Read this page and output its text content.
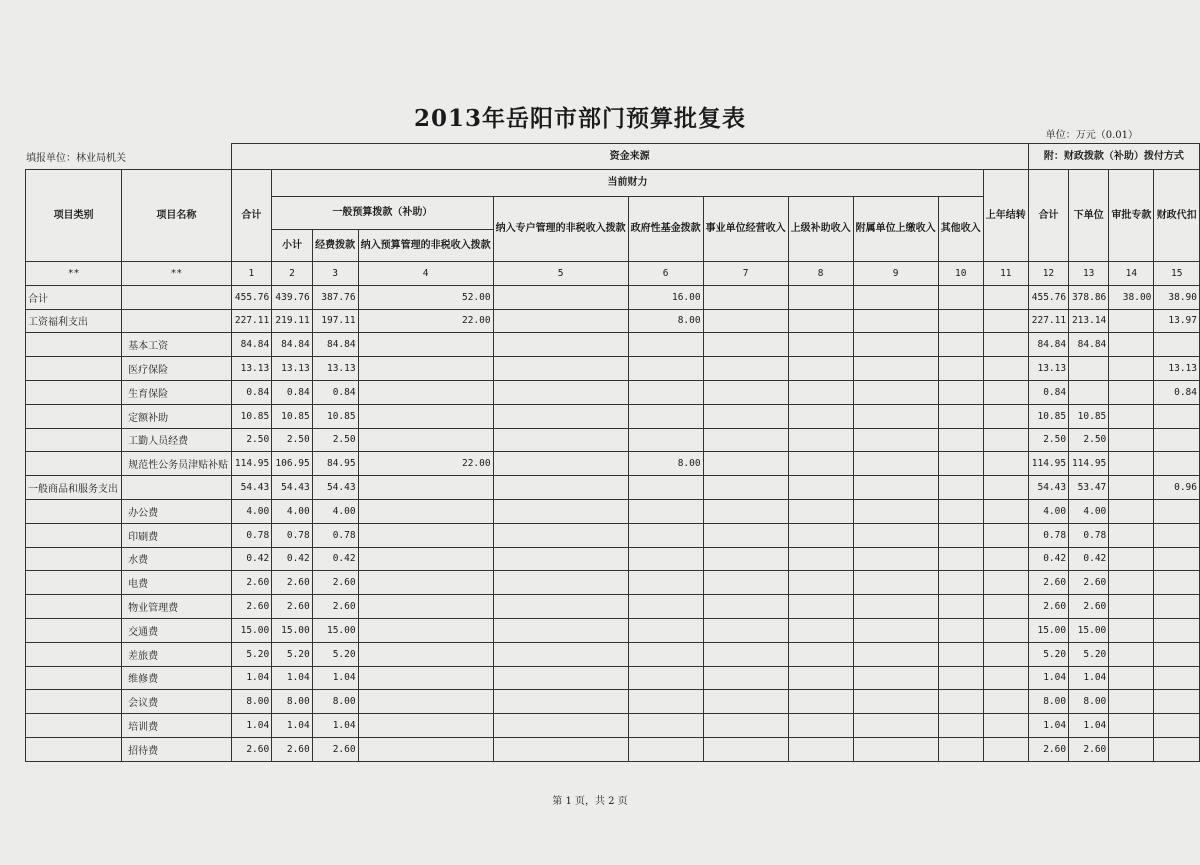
2013年岳阳市部门预算批复表
单位：万元（0.01）
填报单位：林业局机关
		资金来源											附：财政拨款（补助）拨付方式			
项目类别	项目名称	合计	当前财力									上年结转	合计	下单位	审批专款	财政代扣
			一般预算拨款（补助）			纳入专户管理的非税收入拨款	政府性基金拨款	事业单位经营收入	上级补助收入	附属单位上缴收入	其他收入					
			小计	经费拨款	纳入预算管理的非税收入拨款											

**	**	1	2	3	4	5	6	7	8	9	10	11	12	13	14	15
合计		455.76	439.76	387.76	52.00		16.00						455.76	378.86	38.00	38.90
工资福利支出		227.11	219.11	197.11	22.00		8.00						227.11	213.14		13.97
	基本工资	84.84	84.84	84.84									84.84	84.84		
	医疗保险	13.13	13.13	13.13									13.13			13.13
	生育保险	0.84	0.84	0.84									0.84			0.84
	定额补助	10.85	10.85	10.85									10.85	10.85		
	工勤人员经费	2.50	2.50	2.50									2.50	2.50		
	规范性公务员津贴补贴	114.95	106.95	84.95	22.00		8.00						114.95	114.95		
一般商品和服务支出		54.43	54.43	54.43									54.43	53.47		0.96
	办公费	4.00	4.00	4.00									4.00	4.00		
	印刷费	0.78	0.78	0.78									0.78	0.78		
	水费	0.42	0.42	0.42									0.42	0.42		
	电费	2.60	2.60	2.60									2.60	2.60		
	物业管理费	2.60	2.60	2.60									2.60	2.60		
	交通费	15.00	15.00	15.00									15.00	15.00		
	差旅费	5.20	5.20	5.20									5.20	5.20		
	维修费	1.04	1.04	1.04									1.04	1.04		
	会议费	8.00	8.00	8.00									8.00	8.00		
	培训费	1.04	1.04	1.04									1.04	1.04		
	招待费	2.60	2.60	2.60									2.60	2.60		
第 1 页，共 2 页
